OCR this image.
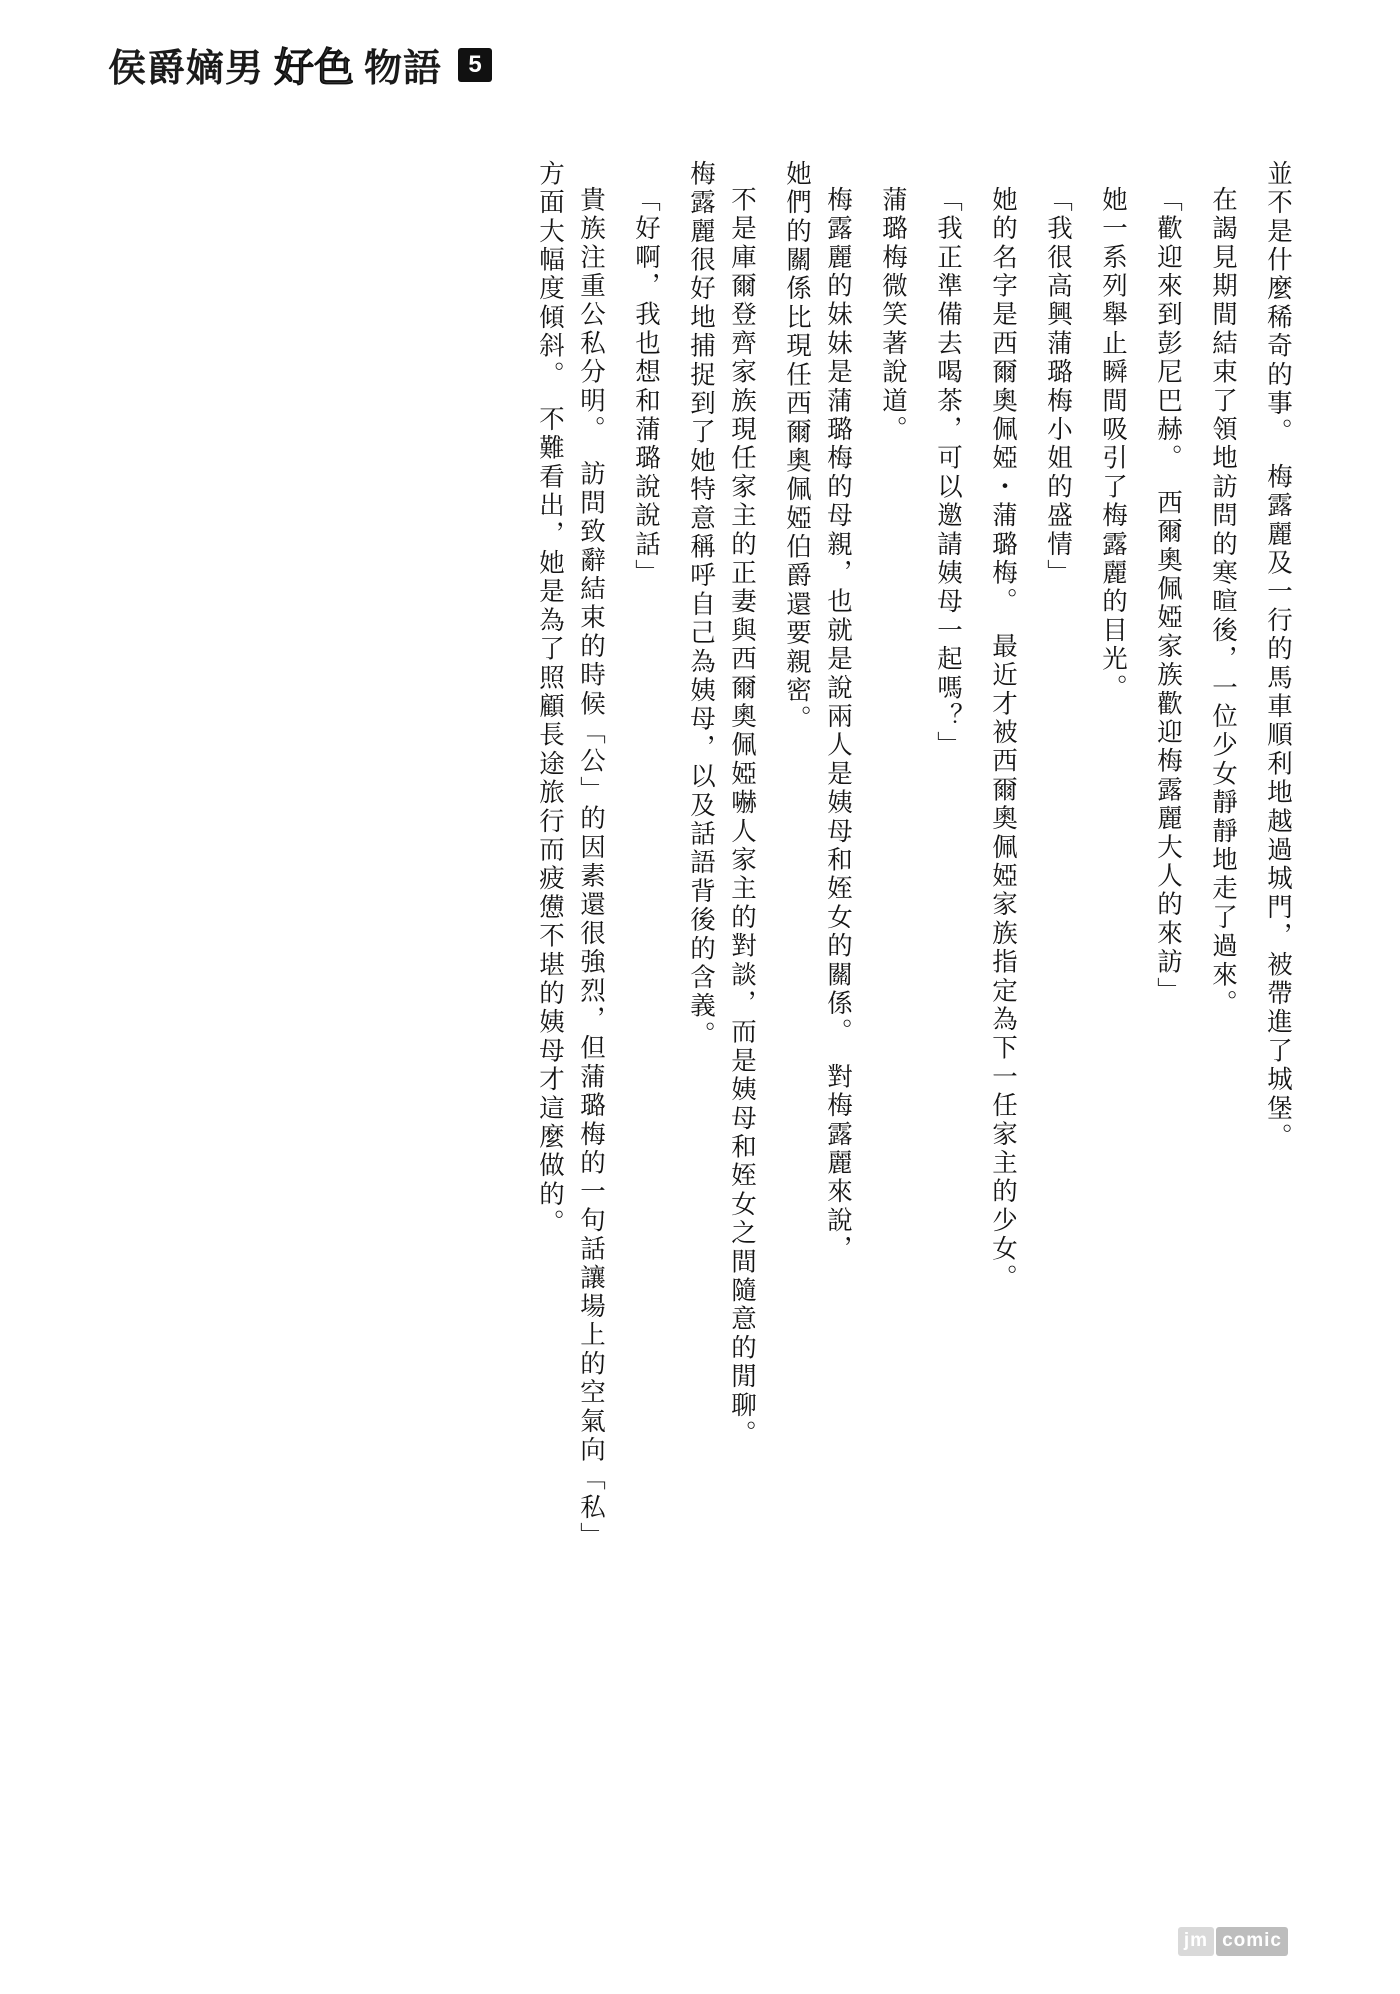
侯爵嫡男 好色 物語	5
並不是什麼稀奇的事。　梅露麗及一行的馬車順利地越過城門，被帶進了城堡。
在謁見期間結束了領地訪問的寒暄後，一位少女靜靜地走了過來。
「歡迎來到彭尼巴赫。　西爾奧佩婭家族歡迎梅露麗大人的來訪」
她一系列舉止瞬間吸引了梅露麗的目光。
「我很高興蒲璐梅小姐的盛情」
她的名字是西爾奧佩婭・蒲璐梅。　最近才被西爾奧佩婭家族指定為下一任家主的少女。
「我正準備去喝茶，可以邀請姨母一起嗎？」
蒲璐梅微笑著說道。
梅露麗的妹妹是蒲璐梅的母親，也就是說兩人是姨母和姪女的關係。　對梅露麗來說，
她們的關係比現任西爾奧佩婭伯爵還要親密。
不是庫爾登齊家族現任家主的正妻與西爾奧佩婭嚇人家主的對談，而是姨母和姪女之間隨意的閒聊。
梅露麗很好地捕捉到了她特意稱呼自己為姨母，以及話語背後的含義。
「好啊，我也想和蒲璐說說話」
貴族注重公私分明。　訪問致辭結束的時候「公」的因素還很強烈，但蒲璐梅的一句話讓場上的空氣向「私」
方面大幅度傾斜。　不難看出，她是為了照顧長途旅行而疲憊不堪的姨母才這麼做的。
jm comic
